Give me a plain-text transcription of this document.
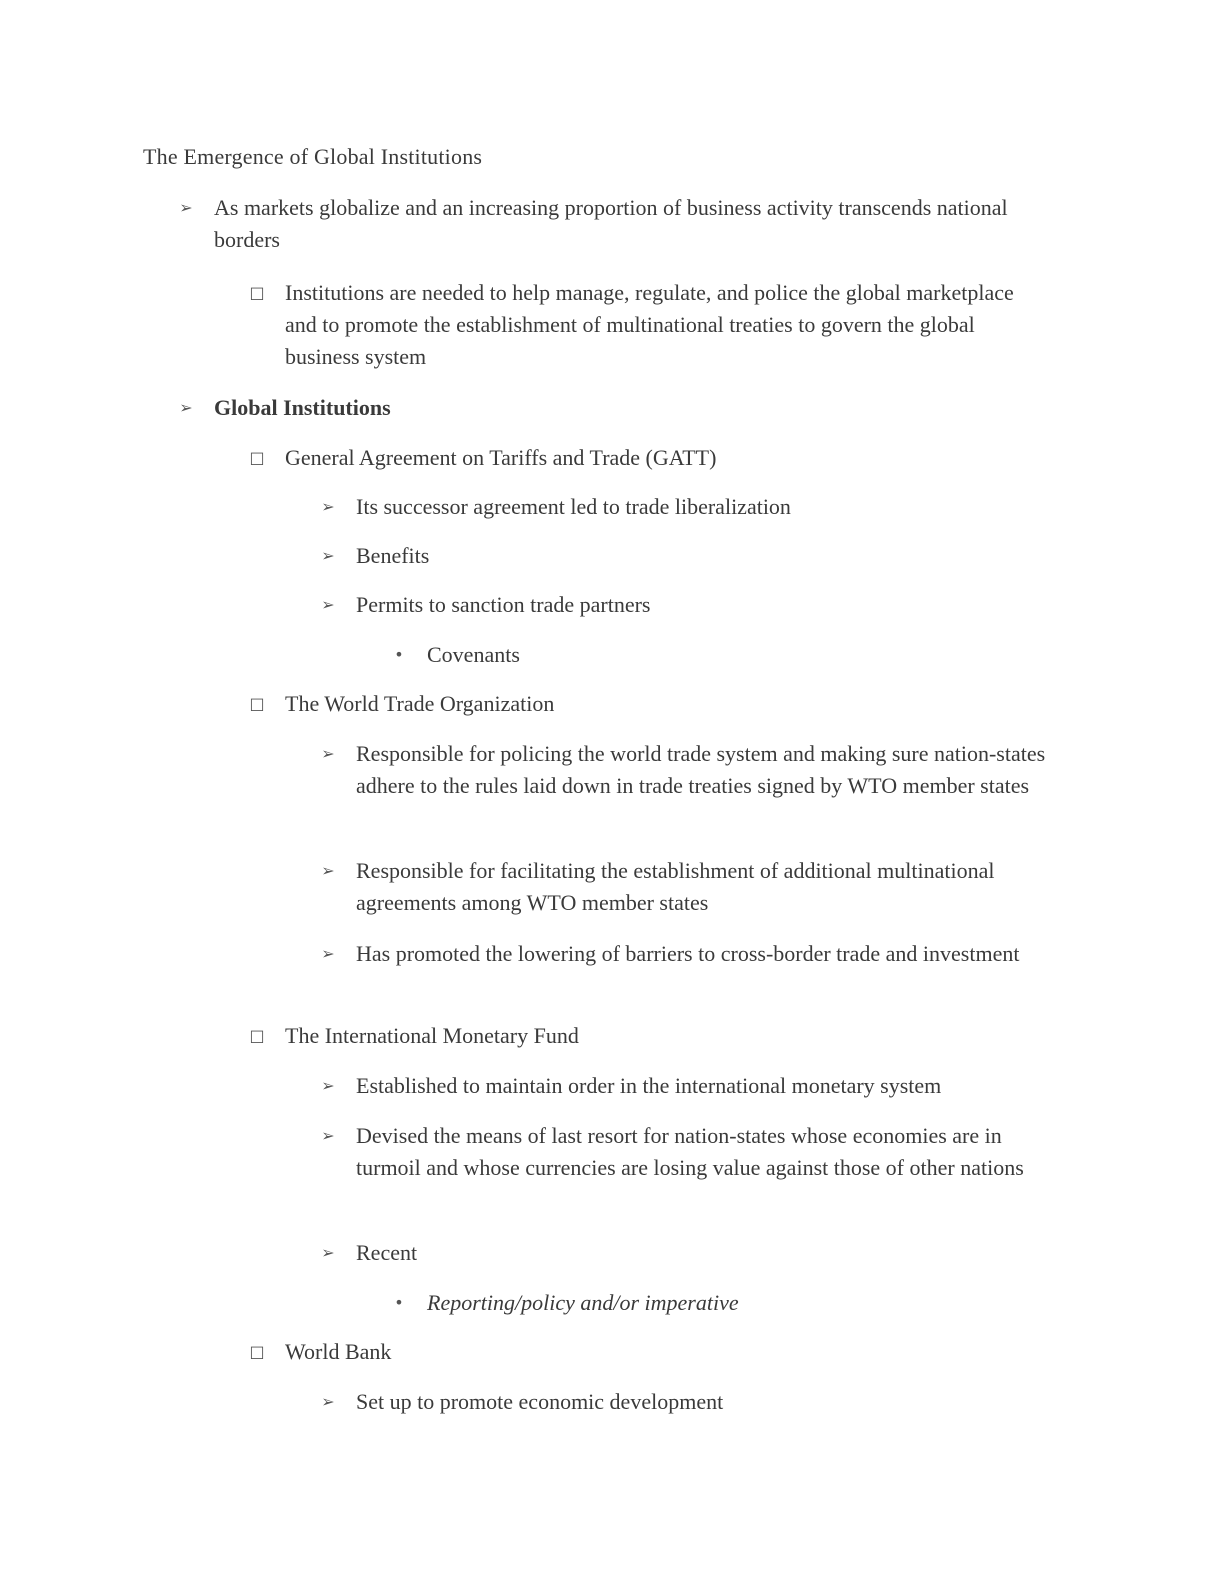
The Emergence of Global Institutions
➢ As markets globalize and an increasing proportion of business activity transcends national borders
□ Institutions are needed to help manage, regulate, and police the global marketplace and to promote the establishment of multinational treaties to govern the global business system
➢ Global Institutions
□ General Agreement on Tariffs and Trade (GATT)
➢ Its successor agreement led to trade liberalization
➢ Benefits
➢ Permits to sanction trade partners
•	Covenants
□ The World Trade Organization
➢ Responsible for policing the world trade system and making sure nation-states adhere to the rules laid down in trade treaties signed by WTO member states
➢ Responsible for facilitating the establishment of additional multinational agreements among WTO member states
➢ Has promoted the lowering of barriers to cross-border trade and investment
□ The International Monetary Fund
➢ Established to maintain order in the international monetary system
➢ Devised the means of last resort for nation-states whose economies are in turmoil and whose currencies are losing value against those of other nations
➢ Recent
•	Reporting/policy and/or imperative
□ World Bank
➢ Set up to promote economic development
